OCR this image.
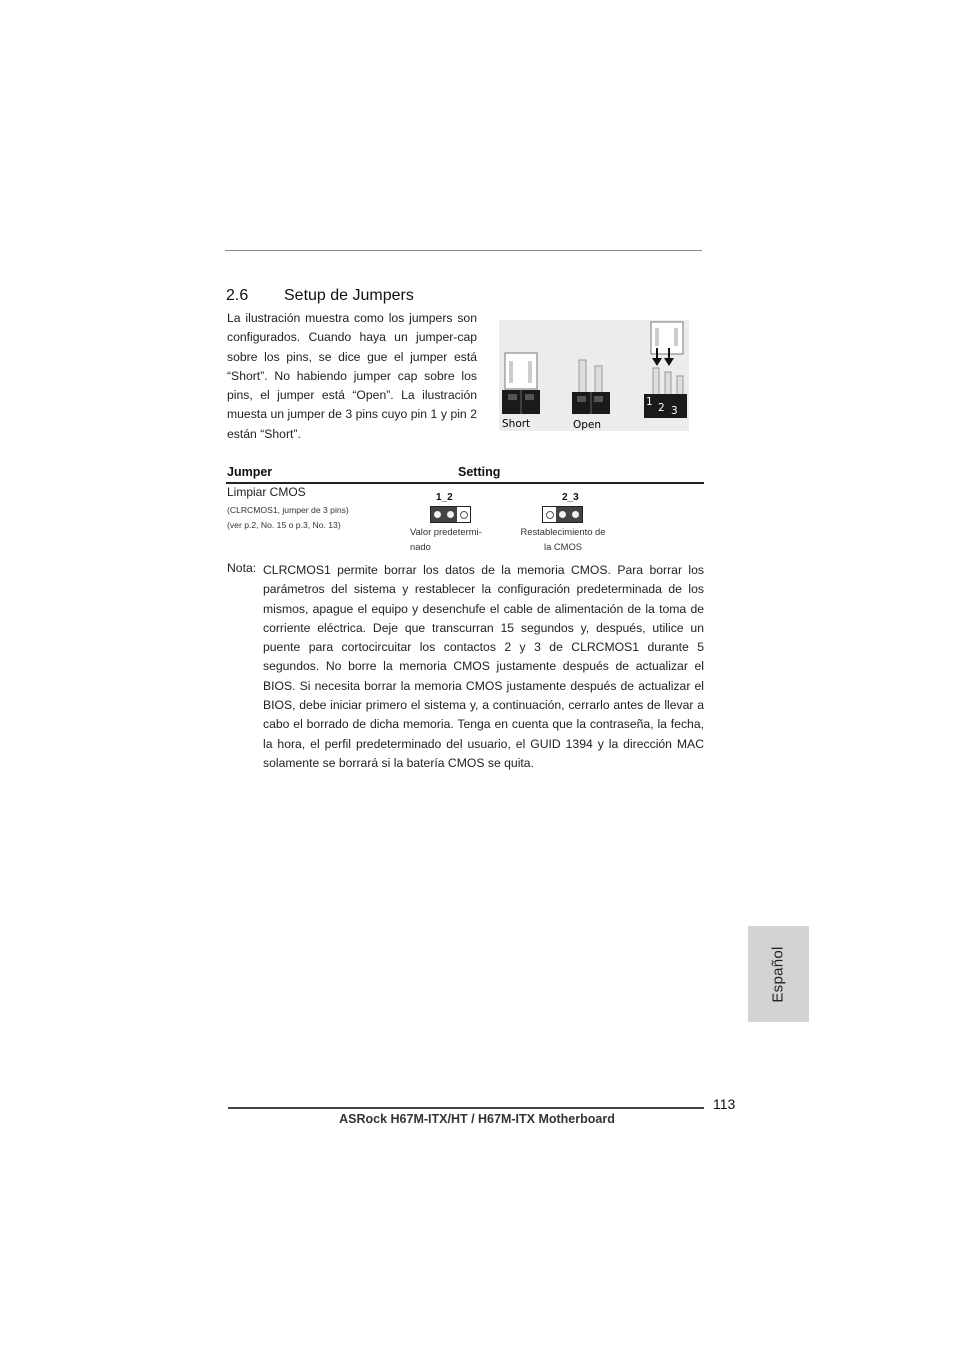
2.6 Setup de Jumpers
La ilustración muestra como los jumpers son configurados. Cuando haya un jumper-cap sobre los pins, se dice gue el jumper está “Short”. No habiendo jumper cap sobre los pins, el jumper está “Open”. La ilustración muesta un jumper de 3 pins cuyo pin 1 y pin 2 están “Short”.
Short	Open
1 2 3
Jumper	Setting
Limpiar CMOS
(CLRCMOS1, jumper de 3 pins)
(ver p.2, No. 15 o p.3, No. 13)
1_2
Valor predetermi-
nado
2_3
Restablecimiento de
la CMOS
Nota: CLRCMOS1 permite borrar los datos de la memoria CMOS. Para borrar los parámetros del sistema y restablecer la configuración predeterminada de los mismos, apague el equipo y desenchufe el cable de alimentación de la toma de corriente eléctrica. Deje que transcurran 15 segundos y, después, utilice un puente para cortocircuitar los contactos 2 y 3 de CLRCMOS1 durante 5 segundos. No borre la memoria CMOS justamente después de actualizar el BIOS. Si necesita borrar la memoria CMOS justamente después de actualizar el BIOS, debe iniciar primero el sistema y, a continuación, cerrarlo antes de llevar a cabo el borrado de dicha memoria. Tenga en cuenta que la contraseña, la fecha, la hora, el perfil predeterminado del usuario, el GUID 1394 y la dirección MAC solamente se borrará si la batería CMOS se quita.
Español
113
ASRock H67M-ITX/HT / H67M-ITX Motherboard
